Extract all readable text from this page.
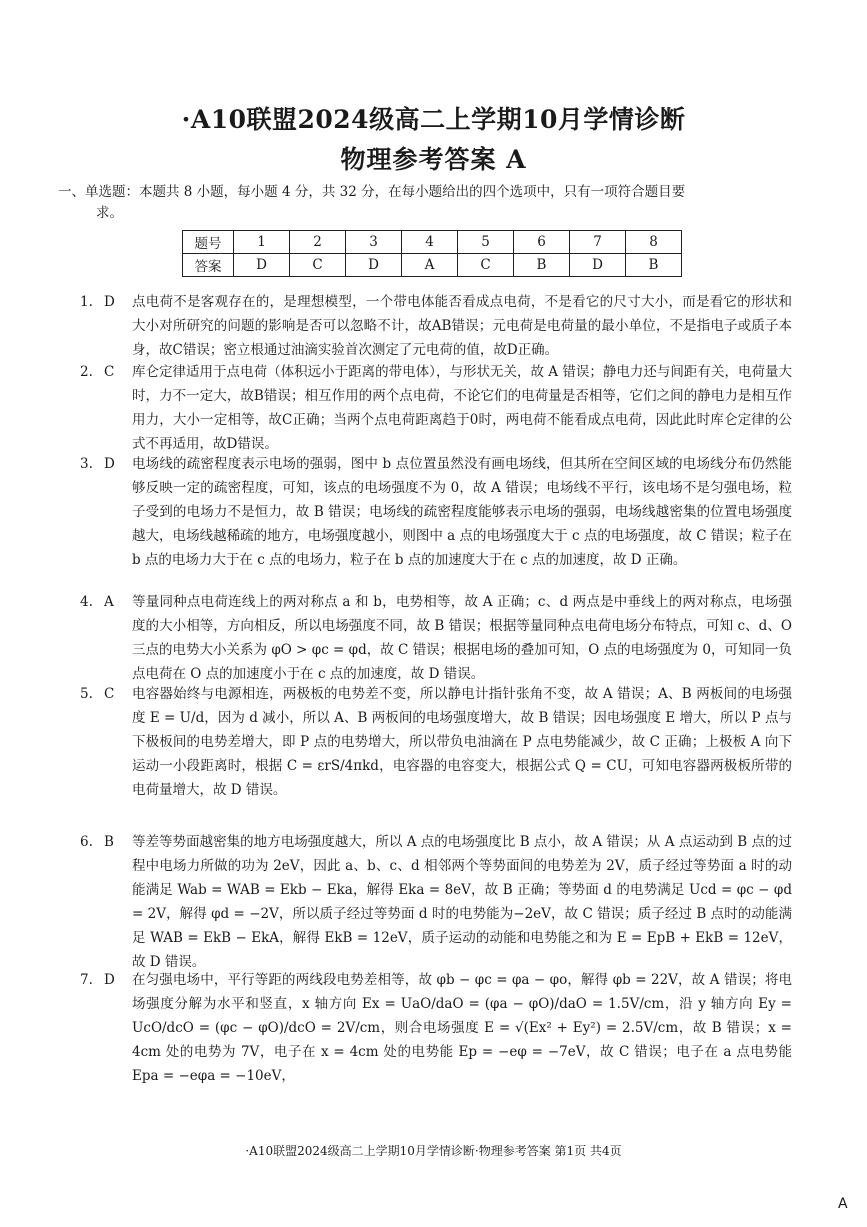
·A10联盟2024级高二上学期10月学情诊断
物理参考答案 A
一、单选题：本题共 8 小题，每小题 4 分，共 32 分，在每小题给出的四个选项中，只有一项符合题目要
求。
题号	1	2	3	4	5	6	7	8
答案	D	C	D	A	C	B	D	B
1. D 点电荷不是客观存在的，是理想模型，一个带电体能否看成点电荷，不是看它的尺寸大小，而是看它的形状和大小对所研究的问题的影响是否可以忽略不计，故AB错误；元电荷是电荷量的最小单位，不是指电子或质子本身，故C错误；密立根通过油滴实验首次测定了元电荷的值，故D正确。
2. C 库仑定律适用于点电荷（体积远小于距离的带电体），与形状无关，故 A 错误；静电力还与间距有关，电荷量大时，力不一定大，故B错误；相互作用的两个点电荷，不论它们的电荷量是否相等，它们之间的静电力是相互作用力，大小一定相等，故C正确；当两个点电荷距离趋于0时，两电荷不能看成点电荷，因此此时库仑定律的公式不再适用，故D错误。
3. D 电场线的疏密程度表示电场的强弱，图中 b 点位置虽然没有画电场线，但其所在空间区域的电场线分布仍然能够反映一定的疏密程度，可知，该点的电场强度不为 0，故 A 错误；电场线不平行，该电场不是匀强电场，粒子受到的电场力不是恒力，故 B 错误；电场线的疏密程度能够表示电场的强弱，电场线越密集的位置电场强度越大，电场线越稀疏的地方，电场强度越小，则图中 a 点的电场强度大于 c 点的电场强度，故 C 错误；粒子在 b 点的电场力大于在 c 点的电场力，粒子在 b 点的加速度大于在 c 点的加速度，故 D 正确。
4. A 等量同种点电荷连线上的两对称点 a 和 b，电势相等，故 A 正确；c、d 两点是中垂线上的两对称点，电场强度的大小相等，方向相反，所以电场强度不同，故 B 错误；根据等量同种点电荷电场分布特点，可知 c、d、O 三点的电势大小关系为 φO > φc = φd，故 C 错误；根据电场的叠加可知，O 点的电场强度为 0，可知同一负点电荷在 O 点的加速度小于在 c 点的加速度，故 D 错误。
5. C 电容器始终与电源相连，两极板的电势差不变，所以静电计指针张角不变，故 A 错误；A、B 两板间的电场强度 E = U/d，因为 d 减小，所以 A、B 两板间的电场强度增大，故 B 错误；因电场强度 E 增大，所以 P 点与下极板间的电势差增大，即 P 点的电势增大，所以带负电油滴在 P 点电势能减少，故 C 正确；上极板 A 向下运动一小段距离时，根据 C = εrS/4πkd，电容器的电容变大，根据公式 Q = CU，可知电容器两极板所带的电荷量增大，故 D 错误。
6. B 等差等势面越密集的地方电场强度越大，所以 A 点的电场强度比 B 点小，故 A 错误；从 A 点运动到 B 点的过程中电场力所做的功为 2eV，因此 a、b、c、d 相邻两个等势面间的电势差为 2V，质子经过等势面 a 时的动能满足 Wab = WAB = Ekb − Eka，解得 Eka = 8eV，故 B 正确；等势面 d 的电势满足 Ucd = φc − φd = 2V，解得 φd = −2V，所以质子经过等势面 d 时的电势能为−2eV，故 C 错误；质子经过 B 点时的动能满足 WAB = EkB − EkA，解得 EkB = 12eV，质子运动的动能和电势能之和为 E = EpB + EkB = 12eV，故 D 错误。
7. D 在匀强电场中，平行等距的两线段电势差相等，故 φb − φc = φa − φo，解得 φb = 22V，故 A 错误；将电场强度分解为水平和竖直，x 轴方向 Ex = UaO/daO = (φa − φO)/daO = 1.5V/cm，沿 y 轴方向 Ey = UcO/dcO = (φc − φO)/dcO = 2V/cm，则合电场强度 E = √(Ex² + Ey²) = 2.5V/cm，故 B 错误；x = 4cm 处的电势为 7V，电子在 x = 4cm 处的电势能 Ep = −eφ = −7eV，故 C 错误；电子在 a 点电势能 Epa = −eφa = −10eV，
·A10联盟2024级高二上学期10月学情诊断·物理参考答案 第1页 共4页
A
